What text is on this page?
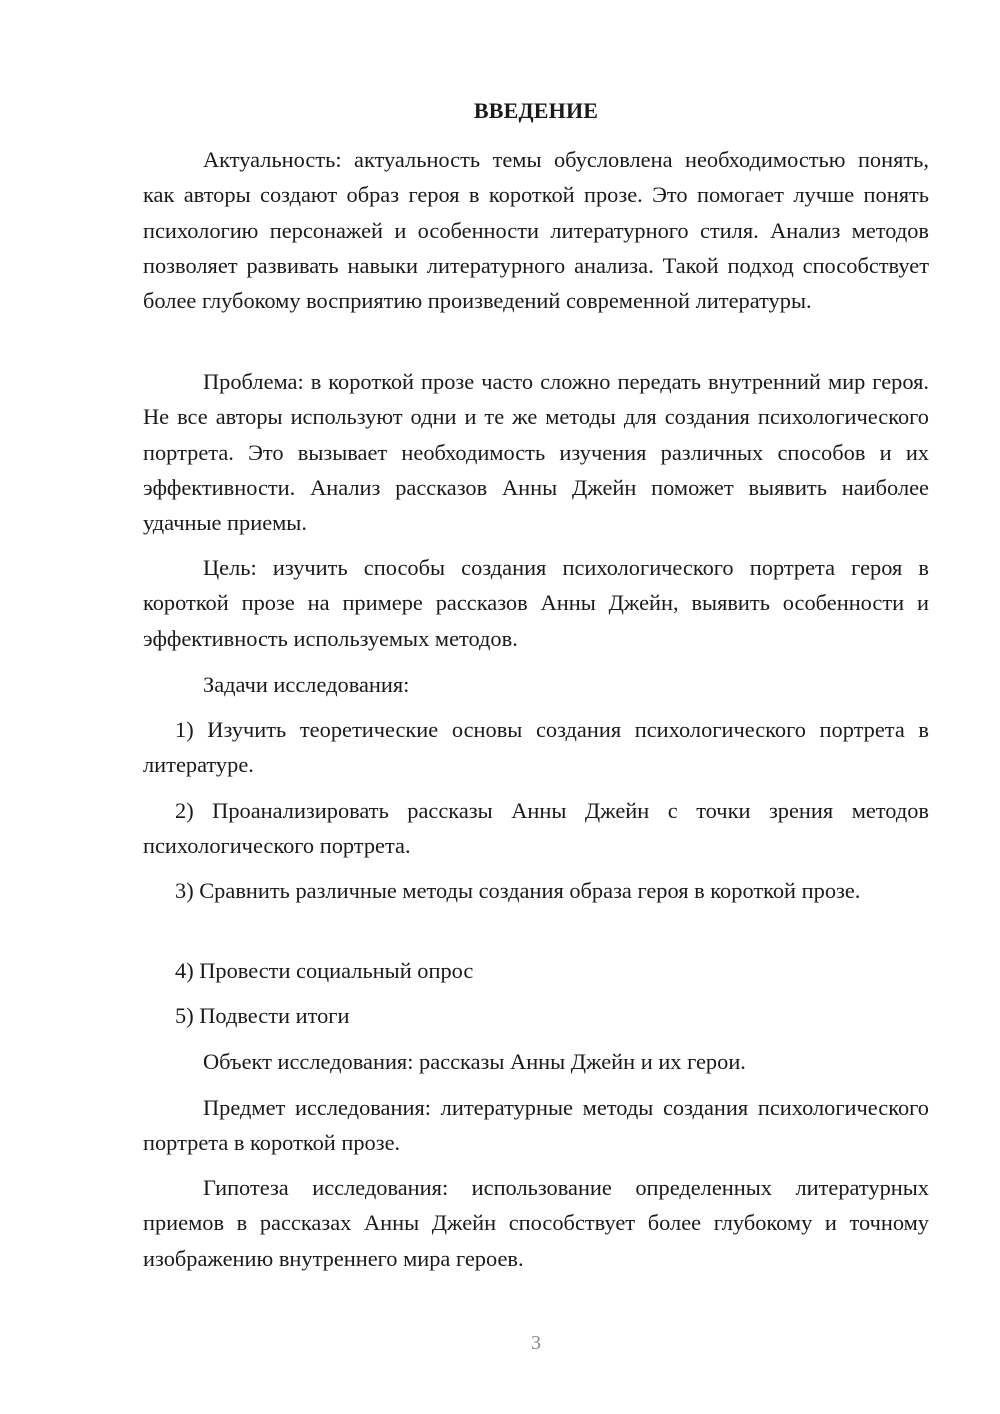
ВВЕДЕНИЕ

Актуальность: актуальность темы обусловлена необходимостью понять, как авторы создают образ героя в короткой прозе. Это помогает лучше понять психологию персонажей и особенности литературного стиля. Анализ методов позволяет развивать навыки литературного анализа. Такой подход способствует более глубокому восприятию произведений современной литературы.

Проблема: в короткой прозе часто сложно передать внутренний мир героя. Не все авторы используют одни и те же методы для создания психологического портрета. Это вызывает необходимость изучения различных способов и их эффективности. Анализ рассказов Анны Джейн поможет выявить наиболее удачные приемы.

Цель: изучить способы создания психологического портрета героя в короткой прозе на примере рассказов Анны Джейн, выявить особенности и эффективность используемых методов.

Задачи исследования:

1) Изучить теоретические основы создания психологического портрета в литературе.

2) Проанализировать рассказы Анны Джейн с точки зрения методов психологического портрета.

3) Сравнить различные методы создания образа героя в короткой прозе.

4) Провести социальный опрос

5) Подвести итоги

Объект исследования: рассказы Анны Джейн и их герои.

Предмет исследования: литературные методы создания психологического портрета в короткой прозе.

Гипотеза исследования: использование определенных литературных приемов в рассказах Анны Джейн способствует более глубокому и точному изображению внутреннего мира героев.

3
